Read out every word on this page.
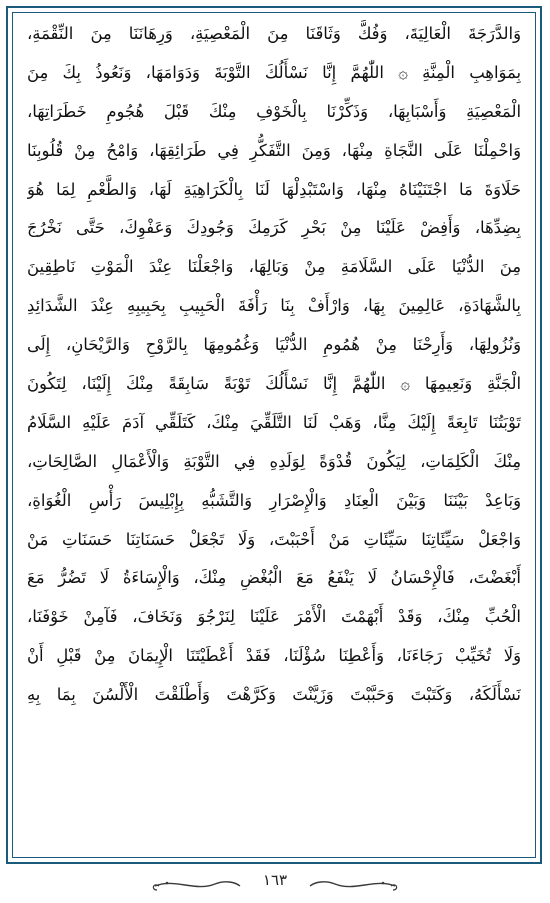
وَالدَّرَجَةَ الْعَالِيَةَ، وَفُكَّ وَثَاقَنَا مِنَ الْمَعْصِيَةِ، وَرِهَانَنَا مِنَ النِّقْمَةِ،
بِمَوَاهِبِ الْمِنَّةِ ۞ اللّٰهُمَّ إِنَّا نَسْأَلُكَ التَّوْبَةَ وَدَوَامَهَا، وَنَعُوذُ بِكَ مِنَ
الْمَعْصِيَةِ وَأَسْبَابِهَا، وَذَكِّرْنَا بِالْخَوْفِ مِنْكَ قَبْلَ هُجُومِ خَطَرَاتِهَا،
وَاحْمِلْنَا عَلَى النَّجَاةِ مِنْهَا، وَمِنَ التَّفَكُّرِ فِي طَرَائِقِهَا، وَامْحُ مِنْ قُلُوبِنَا
حَلَاوَةَ مَا اجْتَنَيْنَاهُ مِنْهَا، وَاسْتَبْدِلْهَا لَنَا بِالْكَرَاهِيَةِ لَهَا، وَالطَّعْمِ لِمَا هُوَ
بِضِدِّهَا، وَأَفِضْ عَلَيْنَا مِنْ بَحْرِ كَرَمِكَ وَجُودِكَ وَعَفْوِكَ، حَتَّى نَخْرُجَ
مِنَ الدُّنْيَا عَلَى السَّلَامَةِ مِنْ وَبَالِهَا، وَاجْعَلْنَا عِنْدَ الْمَوْتِ نَاطِقِينَ
بِالشَّهَادَةِ، عَالِمِينَ بِهَا، وَارْأَفْ بِنَا رَأْفَةَ الْحَبِيبِ بِحَبِيبِهِ عِنْدَ الشَّدَائِدِ
وَنُزُولِهَا، وَأَرِحْنَا مِنْ هُمُومِ الدُّنْيَا وَغُمُومِهَا بِالرَّوْحِ وَالرَّيْحَانِ، إِلَى
الْجَنَّةِ وَنَعِيمِهَا ۞ اللّٰهُمَّ إِنَّا نَسْأَلُكَ تَوْبَةً سَابِقَةً مِنْكَ إِلَيْنَا، لِتَكُونَ
تَوْبَتُنَا تَابِعَةً إِلَيْكَ مِنَّا، وَهَبْ لَنَا التَّلَقِّيَ مِنْكَ، كَتَلَقِّي آدَمَ عَلَيْهِ السَّلَامُ
مِنْكَ الْكَلِمَاتِ، لِيَكُونَ قُدْوَةً لِوَلَدِهِ فِي التَّوْبَةِ وَالْأَعْمَالِ الصَّالِحَاتِ،
وَبَاعِدْ بَيْنَنَا وَبَيْنَ الْعِنَادِ وَالْإِصْرَارِ وَالتَّشَبُّهِ بِإِبْلِيسَ رَأْسِ الْغُوَاةِ،
وَاجْعَلْ سَيِّئَاتِنَا سَيِّئَاتِ مَنْ أَحْبَبْتَ، وَلَا تَجْعَلْ حَسَنَاتِنَا حَسَنَاتِ مَنْ
أَبْغَضْتَ، فَالْإِحْسَانُ لَا يَنْفَعُ مَعَ الْبُغْضِ مِنْكَ، وَالْإِسَاءَةُ لَا تَضُرُّ مَعَ
الْحُبِّ مِنْكَ، وَقَدْ أَبْهَمْتَ الْأَمْرَ عَلَيْنَا لِنَرْجُوَ وَنَخَافَ، فَآمِنْ خَوْفَنَا،
وَلَا تُخَيِّبْ رَجَاءَنَا، وَأَعْطِنَا سُؤْلَنَا، فَقَدْ أَعْطَيْتَنَا الْإِيمَانَ مِنْ قَبْلِ أَنْ
نَسْأَلَكَهُ، وَكَتَبْتَ وَحَبَّبْتَ وَزَيَّنْتَ وَكَرَّهْتَ وَأَطْلَقْتَ الْأَلْسُنَ بِمَا بِهِ
١٦٣
